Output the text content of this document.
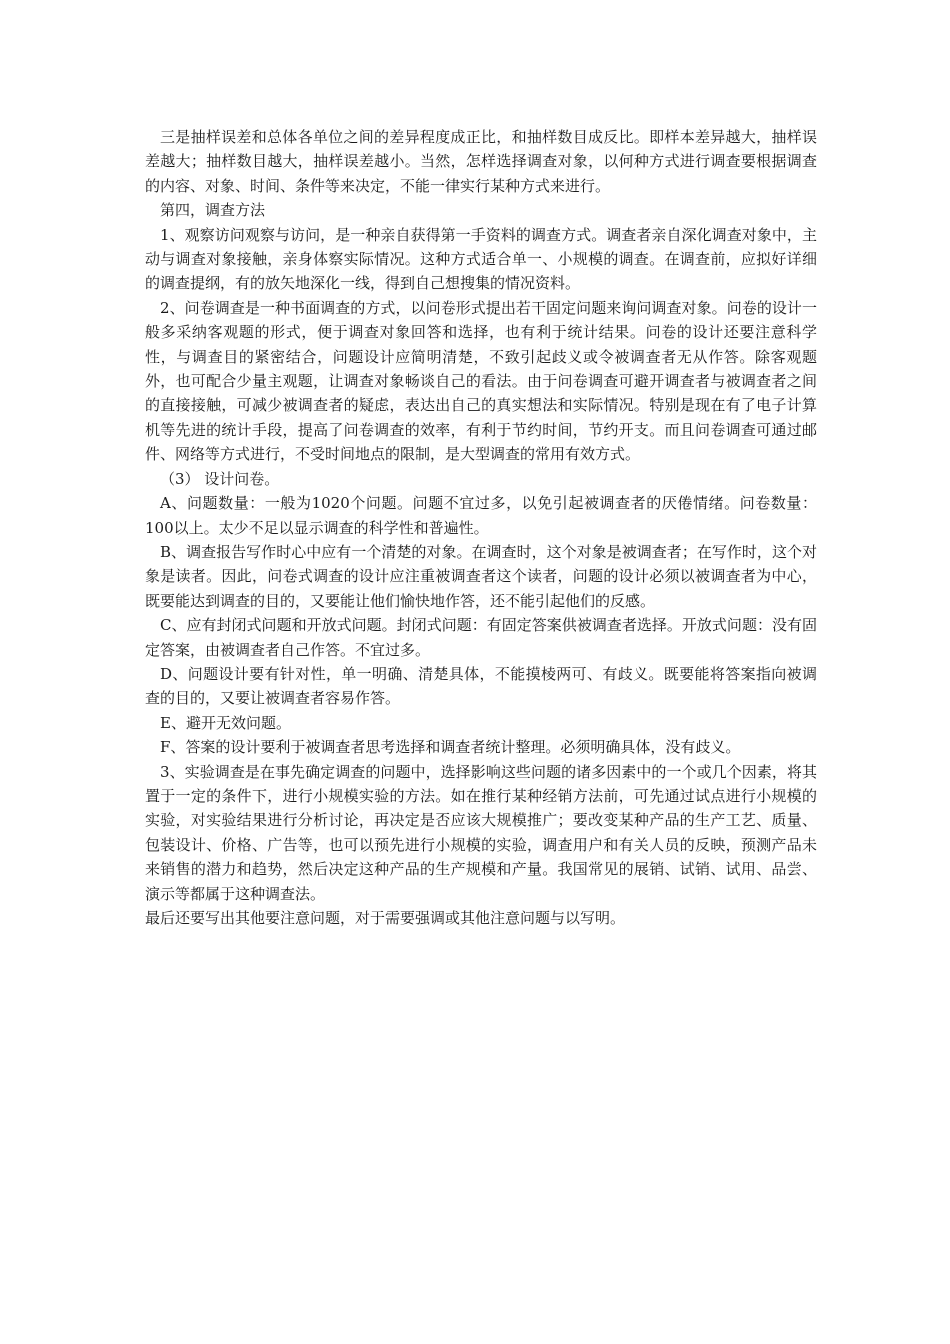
三是抽样误差和总体各单位之间的差异程度成正比，和抽样数目成反比。即样本差异越大，抽样误差越大；抽样数目越大，抽样误差越小。当然，怎样选择调查对象，以何种方式进行调查要根据调查的内容、对象、时间、条件等来决定，不能一律实行某种方式来进行。

第四，调查方法

1、观察访问观察与访问，是一种亲自获得第一手资料的调查方式。调查者亲自深化调查对象中，主动与调查对象接触，亲身体察实际情况。这种方式适合单一、小规模的调查。在调查前，应拟好详细的调查提纲，有的放矢地深化一线，得到自己想搜集的情况资料。

2、问卷调查是一种书面调查的方式，以问卷形式提出若干固定问题来询问调查对象。问卷的设计一般多采纳客观题的形式，便于调查对象回答和选择，也有利于统计结果。问卷的设计还要注意科学性，与调查目的紧密结合，问题设计应简明清楚，不致引起歧义或令被调查者无从作答。除客观题外，也可配合少量主观题，让调查对象畅谈自己的看法。由于问卷调查可避开调查者与被调查者之间的直接接触，可减少被调查者的疑虑，表达出自己的真实想法和实际情况。特别是现在有了电子计算机等先进的统计手段，提高了问卷调查的效率，有利于节约时间，节约开支。而且问卷调查可通过邮件、网络等方式进行，不受时间地点的限制，是大型调查的常用有效方式。

（3） 设计问卷。

A、问题数量：一般为1020个问题。问题不宜过多，以免引起被调查者的厌倦情绪。问卷数量：100以上。太少不足以显示调查的科学性和普遍性。

B、调查报告写作时心中应有一个清楚的对象。在调查时，这个对象是被调查者；在写作时，这个对象是读者。因此，问卷式调查的设计应注重被调查者这个读者，问题的设计必须以被调查者为中心，既要能达到调查的目的，又要能让他们愉快地作答，还不能引起他们的反感。

C、应有封闭式问题和开放式问题。封闭式问题：有固定答案供被调查者选择。开放式问题：没有固定答案，由被调查者自己作答。不宜过多。

D、问题设计要有针对性，单一明确、清楚具体，不能摸棱两可、有歧义。既要能将答案指向被调查的目的，又要让被调查者容易作答。

E、避开无效问题。

F、答案的设计要利于被调查者思考选择和调查者统计整理。必须明确具体，没有歧义。

3、实验调查是在事先确定调查的问题中，选择影响这些问题的诸多因素中的一个或几个因素，将其置于一定的条件下，进行小规模实验的方法。如在推行某种经销方法前，可先通过试点进行小规模的实验，对实验结果进行分析讨论，再决定是否应该大规模推广；要改变某种产品的生产工艺、质量、包装设计、价格、广告等，也可以预先进行小规模的实验，调查用户和有关人员的反映，预测产品未来销售的潜力和趋势，然后决定这种产品的生产规模和产量。我国常见的展销、试销、试用、品尝、演示等都属于这种调查法。

最后还要写出其他要注意问题，对于需要强调或其他注意问题与以写明。
